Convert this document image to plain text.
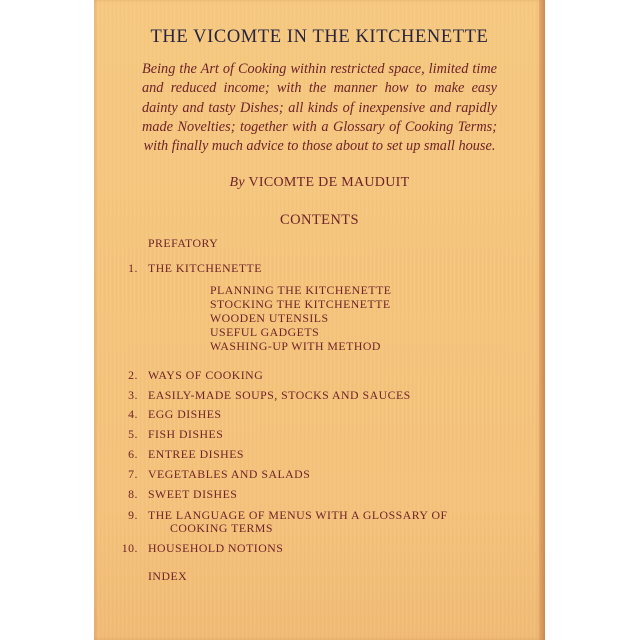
THE VICOMTE IN THE KITCHENETTE

Being the Art of Cooking within restricted space, limited time and reduced income; with the manner how to make easy dainty and tasty Dishes; all kinds of inexpensive and rapidly made Novelties; together with a Glossary of Cooking Terms; with finally much advice to those about to set up small house.

By VICOMTE DE MAUDUIT
CONTENTS
PREFATORY
1. THE KITCHENETTE
PLANNING THE KITCHENETTE
STOCKING THE KITCHENETTE
WOODEN UTENSILS
USEFUL GADGETS
WASHING-UP WITH METHOD
2. WAYS OF COOKING
3. EASILY-MADE SOUPS, STOCKS AND SAUCES
4. EGG DISHES
5. FISH DISHES
6. ENTREE DISHES
7. VEGETABLES AND SALADS
8. SWEET DISHES
9. THE LANGUAGE OF MENUS WITH A GLOSSARY OF
COOKING TERMS
10. HOUSEHOLD NOTIONS
INDEX
